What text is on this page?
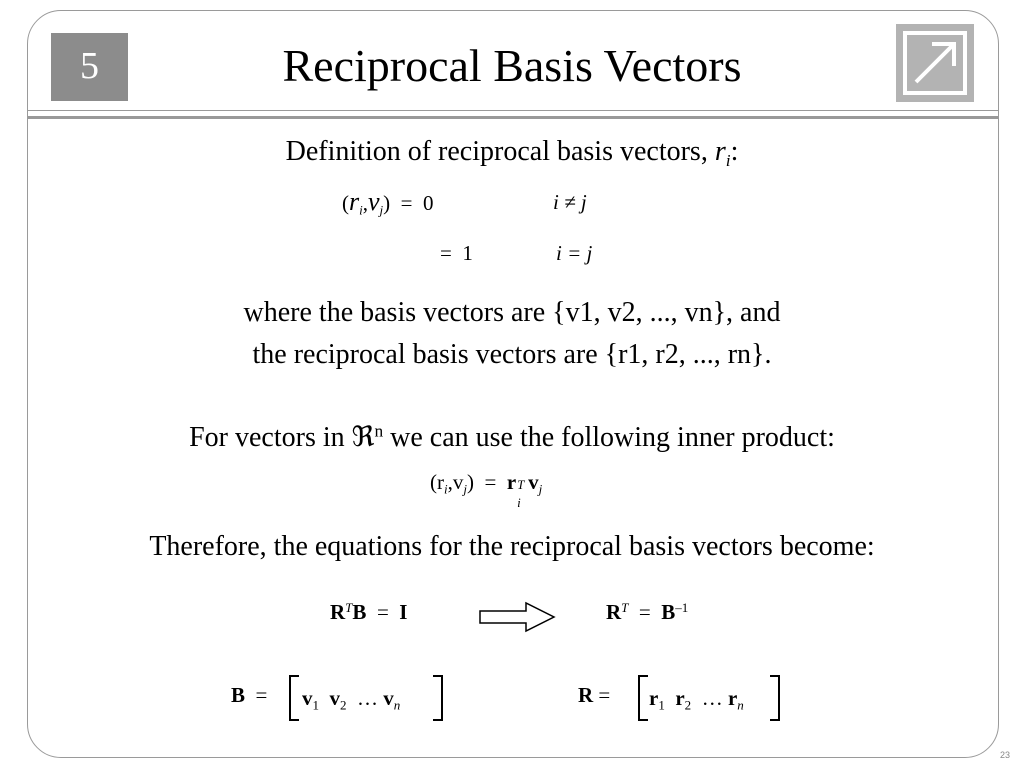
5	Reciprocal Basis Vectors
Definition of reciprocal basis vectors, $r_i$:
$(r_i,v_j) = 0$	i ≠ j
=  1	i = j
where the basis vectors are {v1, v2, ..., vn}, and
the reciprocal basis vectors are {r1, r2, ..., rn}.
For vectors in ℜ$^n$ we can use the following inner product:
$(r_i,v_j) = r$ T
i
$v_j$
Therefore, the equations for the reciprocal basis vectors become:
$R^TB = I$	$R^T = B^{-1}$
$B = v_1$ $v_2$  … $v_n$	$R = r_1$ $r_2$  … $r_n$
23
